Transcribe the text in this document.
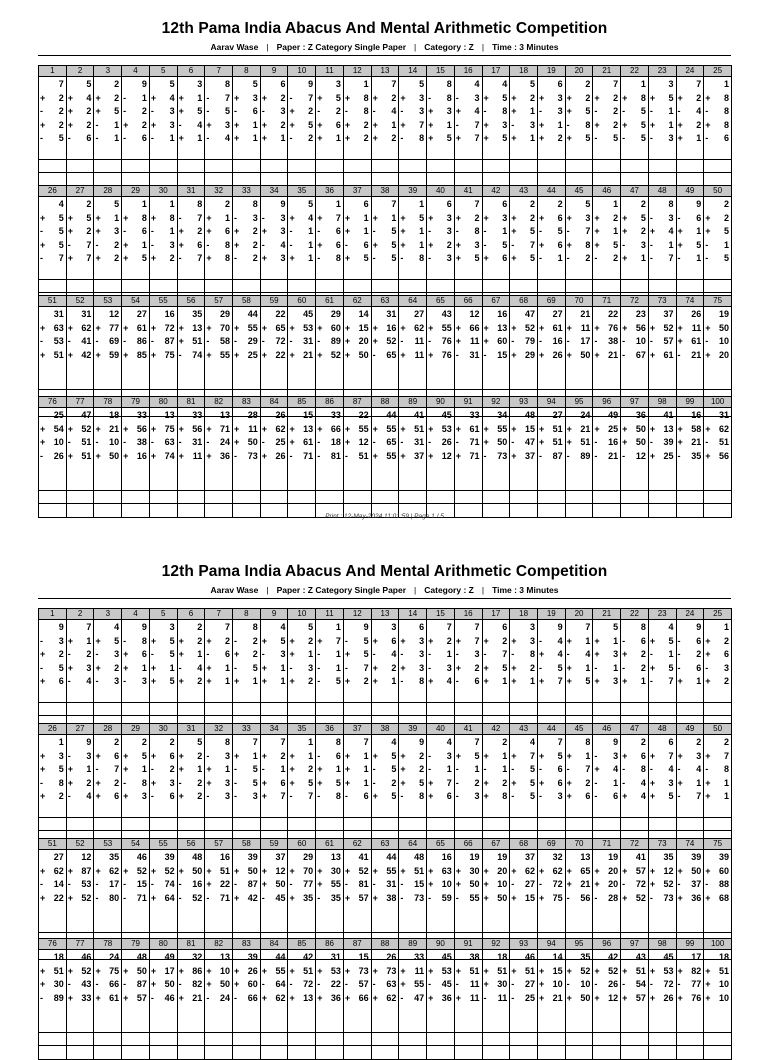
12th Pama India Abacus And Mental Arithmetic Competition
Aarav Wase | Paper : Z Category Single Paper | Category : Z | Time : 3 Minutes
1
7
+ 2
- 2
+ 2
- 5
2
5
+ 4
+ 2
+ 2
- 6
3
2
+ 2
+ 5
- 1
- 1
4
9
- 1
- 2
+ 2
- 6
5
5
+ 4
- 3
+ 3
- 1
6
3
+ 1
+ 5
- 4
+ 1
7
8
- 7
- 5
+ 3
- 4
8
5
+ 3
- 6
+ 1
+ 1
9
6
+ 2
- 3
+ 2
+ 1
10
9
- 7
+ 2
+ 5
- 2
11
3
+ 5
- 2
+ 6
+ 1
12
1
+ 8
- 8
+ 2
+ 2
13
7
+ 2
- 4
+ 1
+ 2
14
5
+ 3
- 3
+ 7
- 8
15
8
- 8
+ 3
+ 1
+ 5
16
4
- 3
+ 4
- 7
+ 7
17
4
+ 5
- 8
+ 3
+ 5
18
5
+ 2
+ 1
- 3
+ 1
19
6
+ 3
- 3
+ 1
+ 2
20
2
+ 2
+ 5
- 8
+ 5
21
7
+ 2
- 2
+ 2
- 5
22
1
+ 8
- 5
+ 5
- 5
23
3
+ 5
- 1
+ 1
- 3
24
7
+ 2
- 4
+ 2
+ 1
25
1
+ 8
- 8
+ 8
- 6
26
4
+ 5
- 5
+ 5
- 7
27
2
+ 5
+ 2
- 7
+ 7
28
5
+ 1
+ 3
- 2
+ 2
29
1
+ 8
- 6
+ 1
+ 5
30
1
+ 8
- 1
- 3
+ 2
31
8
- 7
+ 2
+ 6
- 7
32
2
+ 1
+ 6
- 8
+ 8
33
8
- 3
+ 2
+ 2
- 2
34
9
- 3
+ 3
- 4
+ 3
35
5
+ 4
- 1
- 1
+ 1
36
1
+ 7
- 6
+ 6
- 8
37
6
+ 1
+ 1
- 6
+ 5
38
7
+ 1
- 5
+ 5
- 5
39
1
+ 5
+ 1
+ 1
- 8
40
6
+ 3
- 3
+ 2
- 3
41
7
+ 2
- 8
+ 3
+ 5
42
6
+ 3
- 1
- 5
+ 6
43
2
+ 2
+ 5
- 7
+ 5
44
2
+ 6
- 5
+ 6
- 1
45
5
+ 3
- 7
+ 8
- 2
46
1
+ 2
+ 1
+ 5
- 2
47
2
+ 5
+ 2
- 3
+ 1
48
8
- 3
+ 4
- 1
- 7
49
9
- 6
+ 1
+ 5
- 1
50
2
+ 2
+ 5
- 1
- 5
51
31
+ 63
- 53
+ 51
52
31
+ 62
- 41
+ 42
53
12
+ 77
- 69
+ 59
54
27
+ 61
- 86
+ 85
55
16
+ 72
- 87
+ 75
56
35
+ 13
+ 51
- 74
57
29
+ 70
- 58
+ 55
58
44
+ 55
- 29
+ 25
59
22
+ 65
- 72
+ 22
60
45
+ 53
- 31
+ 21
61
29
+ 60
- 89
+ 52
62
14
+ 15
+ 20
+ 50
63
31
+ 16
+ 52
- 65
64
27
+ 62
- 11
+ 11
65
43
+ 55
- 76
+ 76
66
12
+ 66
+ 11
- 31
67
16
+ 13
+ 60
- 15
68
47
+ 52
- 79
+ 29
69
27
+ 61
- 16
+ 26
70
21
+ 11
- 17
+ 50
71
22
+ 76
- 38
+ 21
72
23
+ 56
- 10
- 67
73
37
+ 52
- 57
+ 61
74
26
+ 11
+ 61
- 21
75
19
+ 50
- 10
+ 20
76
25
+ 54
+ 10
- 26
77
47
+ 52
- 51
+ 51
78
18
+ 21
- 10
+ 50
79
33
+ 56
- 38
+ 16
80
13
+ 75
- 63
+ 74
81
33
+ 56
- 31
+ 11
82
13
+ 71
- 24
+ 36
83
28
+ 11
+ 50
- 73
84
26
+ 62
- 25
+ 26
85
15
+ 13
+ 61
- 71
86
33
+ 66
- 18
- 81
87
22
+ 55
+ 12
- 51
88
44
+ 55
- 65
+ 55
89
41
+ 51
- 31
+ 37
90
45
+ 53
- 26
+ 12
91
33
+ 61
- 71
+ 71
92
34
+ 55
+ 50
- 73
93
48
+ 15
- 47
+ 37
94
27
+ 51
+ 51
- 87
95
24
+ 21
+ 51
- 89
96
49
+ 25
- 16
- 21
97
36
+ 50
+ 50
- 12
98
41
+ 13
- 39
+ 25
99
16
+ 58
+ 21
- 35
100
31
+ 62
- 51
+ 56
Print : 12-May-2024 11:01:59 | Page 1 / 5
12th Pama India Abacus And Mental Arithmetic Competition
Aarav Wase | Paper : Z Category Single Paper | Category : Z | Time : 3 Minutes
1
9
- 3
+ 2
- 5
+ 6
2
7
+ 1
- 2
+ 3
- 4
3
4
+ 5
- 3
+ 2
- 3
4
9
- 8
+ 6
+ 1
- 3
5
3
+ 5
- 5
+ 1
+ 5
6
2
+ 2
+ 1
- 4
+ 2
7
7
+ 2
- 6
+ 1
+ 1
8
8
- 2
+ 2
- 5
+ 1
9
4
+ 5
- 3
+ 1
+ 1
10
5
+ 2
+ 1
- 3
+ 2
11
1
+ 7
- 1
- 1
- 5
12
9
- 5
+ 5
- 7
+ 2
13
3
+ 6
- 4
+ 2
+ 1
14
6
+ 3
- 3
+ 3
- 8
15
7
+ 2
- 1
- 3
+ 4
16
7
+ 7
- 3
+ 2
- 6
17
6
+ 2
- 7
+ 5
+ 1
18
3
+ 3
- 8
+ 2
+ 1
19
9
- 4
+ 4
- 5
+ 7
20
7
+ 1
- 4
+ 1
+ 5
21
5
+ 1
+ 3
- 1
+ 3
22
8
- 6
+ 2
- 2
+ 1
23
4
+ 5
- 1
+ 5
- 7
24
9
- 6
- 2
- 6
+ 1
25
1
+ 2
+ 6
- 3
+ 2
26
1
+ 3
+ 5
- 8
+ 2
27
9
- 3
+ 1
+ 2
- 4
28
2
+ 6
- 7
+ 2
+ 6
29
2
+ 5
+ 1
- 8
+ 3
30
2
+ 6
- 2
+ 3
- 6
31
5
+ 2
+ 1
- 2
+ 2
32
8
- 3
+ 1
+ 3
- 3
33
7
+ 1
- 5
- 5
- 3
34
7
+ 2
- 1
+ 6
+ 7
35
1
+ 1
+ 2
+ 5
- 7
36
8
- 6
+ 1
+ 5
- 8
37
7
+ 1
+ 1
+ 1
- 6
38
4
+ 5
- 5
- 2
+ 5
39
9
+ 2
+ 2
+ 5
- 8
40
4
- 3
- 1
+ 7
+ 6
41
7
+ 5
- 1
- 2
- 3
42
2
+ 1
- 1
+ 2
+ 8
43
4
+ 7
- 5
+ 5
- 5
44
7
+ 5
- 6
+ 6
- 3
45
8
+ 1
- 7
+ 2
+ 6
46
9
- 3
+ 4
- 1
- 6
47
2
+ 6
- 8
- 4
+ 4
48
6
+ 7
- 4
+ 3
+ 5
49
2
+ 3
- 4
+ 1
- 7
50
2
+ 7
- 8
+ 1
+ 1
51
27
+ 62
- 14
+ 22
52
12
+ 87
- 53
+ 52
53
35
+ 62
- 17
- 80
54
46
+ 52
- 15
- 71
55
39
+ 52
- 74
+ 64
56
48
+ 50
- 16
- 52
57
16
+ 51
+ 22
- 71
58
39
+ 50
- 87
+ 42
59
37
+ 12
+ 50
- 45
60
29
+ 70
- 77
+ 35
61
13
+ 30
+ 55
- 35
62
41
+ 52
- 81
+ 57
63
44
+ 55
- 31
+ 38
64
48
+ 51
- 15
- 73
65
16
+ 63
+ 10
- 59
66
19
+ 30
+ 50
- 55
67
19
+ 20
+ 10
+ 50
68
37
+ 62
- 27
+ 15
69
32
+ 62
- 72
+ 75
70
13
+ 65
+ 21
- 56
71
19
+ 20
+ 20
- 28
72
41
+ 57
- 72
+ 52
73
35
+ 12
+ 52
- 73
74
39
+ 50
- 37
+ 36
75
39
+ 60
- 88
+ 68
76
18
+ 51
+ 30
- 89
77
46
+ 52
- 43
+ 33
78
24
+ 75
- 66
+ 61
79
48
+ 50
- 87
+ 57
80
49
+ 17
+ 50
- 46
81
32
+ 86
- 82
+ 21
82
13
+ 10
+ 50
- 24
83
39
+ 26
+ 60
- 66
84
44
+ 55
- 64
+ 62
85
42
+ 51
- 72
+ 13
86
31
+ 53
- 22
+ 36
87
15
+ 73
- 57
+ 66
88
26
+ 73
- 63
+ 62
89
33
+ 11
+ 55
- 47
90
45
+ 53
- 45
+ 36
91
38
+ 51
- 11
+ 11
92
18
+ 51
+ 30
- 11
93
46
+ 51
- 27
- 25
94
14
+ 15
+ 10
+ 21
95
35
+ 52
- 10
+ 50
96
42
+ 52
- 26
+ 12
97
43
+ 51
- 54
+ 57
98
45
+ 53
- 72
+ 26
99
17
+ 82
- 77
+ 76
100
18
+ 51
+ 10
+ 10
